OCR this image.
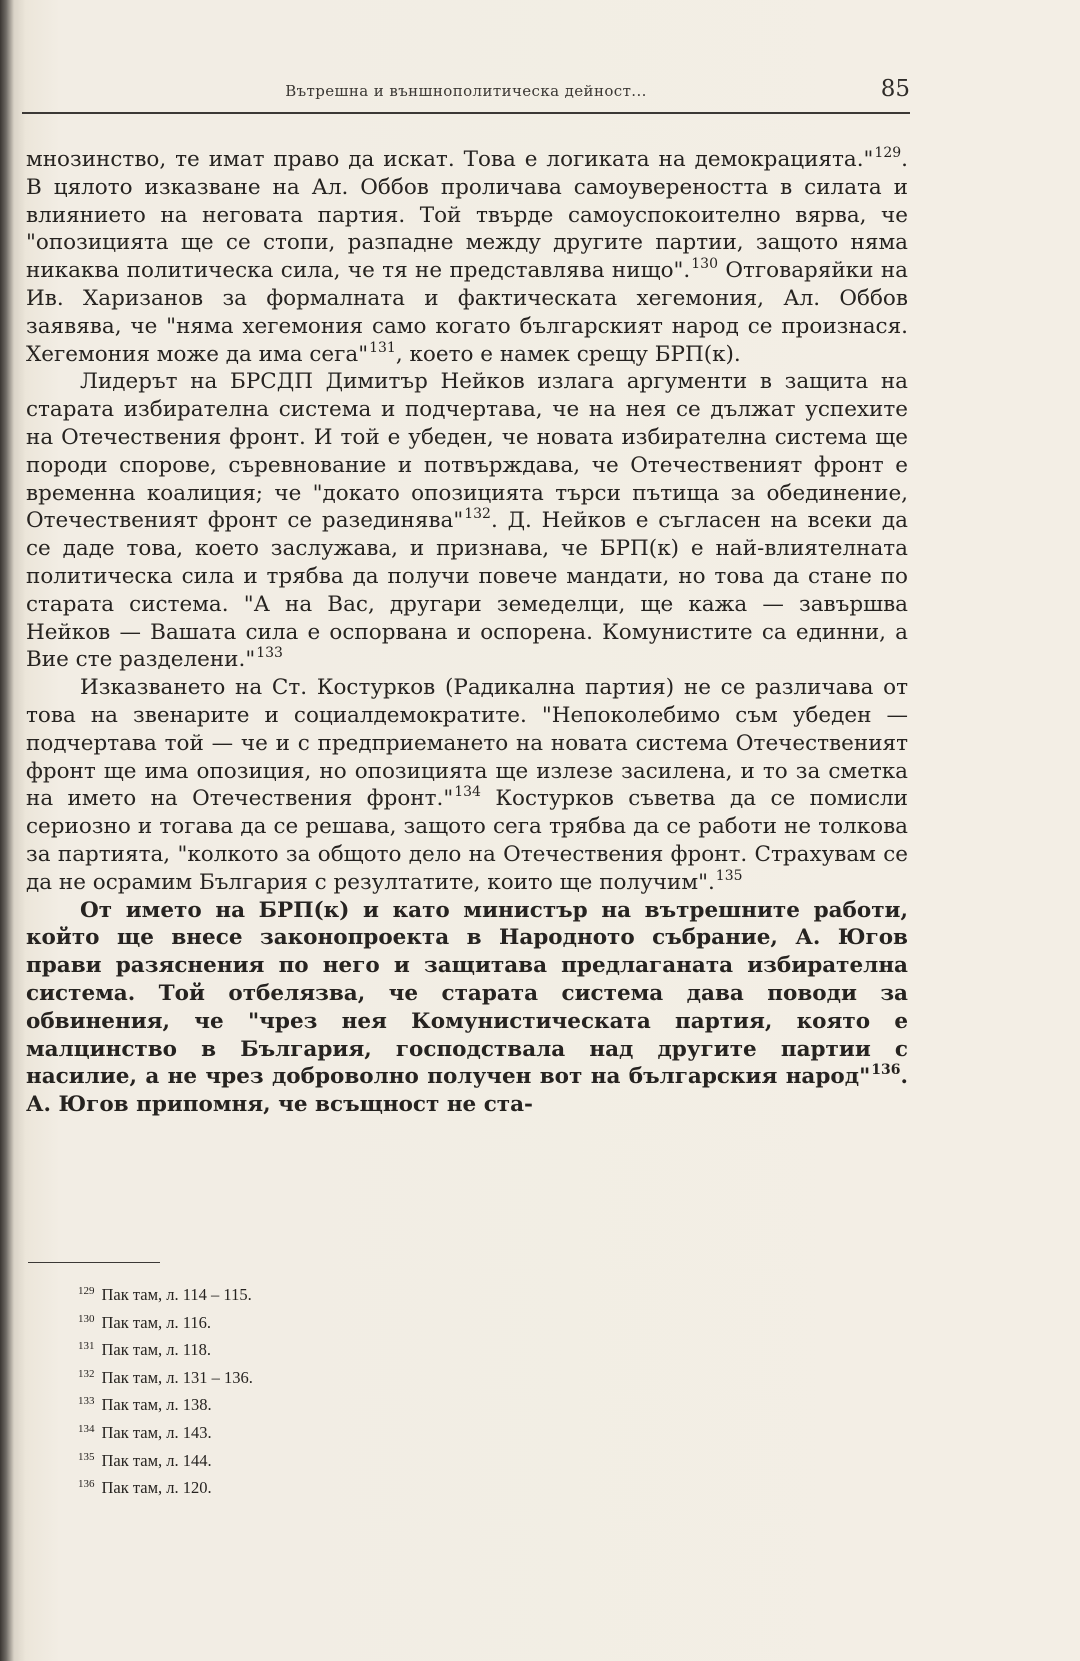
Вътрешна и външнополитическа дейност...	85

мнозинство, те имат право да искат. Това е логиката на демокрацията."$^{129}$. В цялото изказване на Ал. Оббов проличава самоувереността в силата и влиянието на неговата партия. Той твърде самоуспокоително вярва, че "опозицията ще се стопи, разпадне между другите партии, защото няма никаква политическа сила, че тя не представлява нищо".$^{130}$ Отговаряйки на Ив. Харизанов за формалната и фактическата хегемония, Ал. Оббов заявява, че "няма хегемония само когато българският народ се произнася. Хегемония може да има сега"$^{131}$, което е намек срещу БРП(к).

Лидерът на БРСДП Димитър Нейков излага аргументи в защита на старата избирателна система и подчертава, че на нея се дължат успехите на Отечествения фронт. И той е убеден, че новата избирателна система ще породи спорове, съревнование и потвърждава, че Отечественият фронт е временна коалиция; че "докато опозицията търси пътища за обединение, Отечественият фронт се разединява"$^{132}$. Д. Нейков е съгласен на всеки да се даде това, което заслужава, и признава, че БРП(к) е най-влиятелната политическа сила и трябва да получи повече мандати, но това да стане по старата система. "А на Вас, другари земеделци, ще кажа — завършва Нейков — Вашата сила е оспорвана и оспорена. Комунистите са единни, а Вие сте разделени."$^{133}$

Изказването на Ст. Костурков (Радикална партия) не се различава от това на звенарите и социалдемократите. "Непоколебимо съм убеден — подчертава той — че и с предприемането на новата система Отечественият фронт ще има опозиция, но опозицията ще излезе засилена, и то за сметка на името на Отечествения фронт."$^{134}$ Костурков съветва да се помисли сериозно и тогава да се решава, защото сега трябва да се работи не толкова за партията, "колкото за общото дело на Отечествения фронт. Страхувам се да не осрамим България с резултатите, които ще получим".$^{135}$

От името на БРП(к) и като министър на вътрешните работи, който ще внесе законопроекта в Народното събрание, А. Югов прави разяснения по него и защитава предлаганата избирателна система. Той отбелязва, че старата система дава поводи за обвинения, че "чрез нея Комунистическата партия, която е малцинство в България, господствала над другите партии с насилие, а не чрез доброволно получен вот на българския народ"$^{136}$. А. Югов припомня, че всъщност не ста-

$^{129}$ Пак там, л. 114 – 115.
$^{130}$ Пак там, л. 116.
$^{131}$ Пак там, л. 118.
$^{132}$ Пак там, л. 131 – 136.
$^{133}$ Пак там, л. 138.
$^{134}$ Пак там, л. 143.
$^{135}$ Пак там, л. 144.
$^{136}$ Пак там, л. 120.
